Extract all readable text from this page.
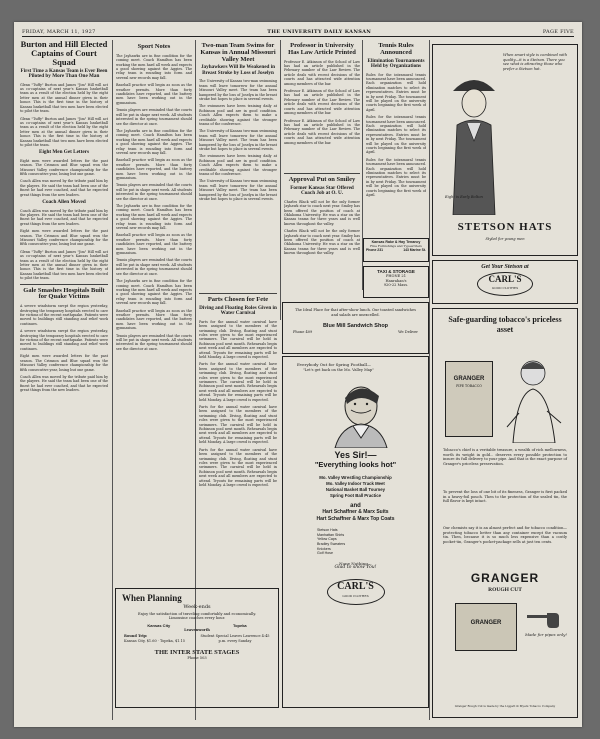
FRIDAY, MARCH 11, 1927	THE UNIVERSITY DAILY KANSAN	PAGE FIVE
Burton and Hill Elected Captains of Court Squad
First Time a Kansas Team is Ever Been Piloted by More Than One Man
Glenn "Tuffy" Burton and James "Jim" Hill will act as co-captains of next year's Kansas basketball team as a result of the election held by the eight letter men at the annual dinner given in their honor. This is the first time in the history of Kansas basketball that two men have been elected to pilot the team.
Glenn "Tuffy" Burton and James "Jim" Hill will act as co-captains of next year's Kansas basketball team as a result of the election held by the eight letter men at the annual dinner given in their honor. This is the first time in the history of Kansas basketball that two men have been elected to pilot the team.
Eight Men Get Letters
Eight men were awarded letters for the past season. The Crimson and Blue squad won the Missouri Valley conference championship for the fifth consecutive year, losing but one game.
Coach Allen was moved by the tribute paid him by the players. He said the team had been one of the finest he had ever coached, and that he expected great things from the new leaders.
Coach Allen Moved
Coach Allen was moved by the tribute paid him by the players. He said the team had been one of the finest he had ever coached, and that he expected great things from the new leaders.
Eight men were awarded letters for the past season. The Crimson and Blue squad won the Missouri Valley conference championship for the fifth consecutive year, losing but one game.
Glenn "Tuffy" Burton and James "Jim" Hill will act as co-captains of next year's Kansas basketball team as a result of the election held by the eight letter men at the annual dinner given in their honor. This is the first time in the history of Kansas basketball that two men have been elected to pilot the team.
Gale Smashes Hospitals Built for Quake Victims
A severe windstorm swept the region yesterday, destroying the temporary hospitals erected to care for victims of the recent earthquake. Patients were moved to buildings still standing and relief work continues.
A severe windstorm swept the region yesterday, destroying the temporary hospitals erected to care for victims of the recent earthquake. Patients were moved to buildings still standing and relief work continues.
Eight men were awarded letters for the past season. The Crimson and Blue squad won the Missouri Valley conference championship for the fifth consecutive year, losing but one game.
Coach Allen was moved by the tribute paid him by the players. He said the team had been one of the finest he had ever coached, and that he expected great things from the new leaders.
Sport Notes
The Jayhawks are in fine condition for the coming meet. Coach Hamilton has been working the men hard all week and expects a good showing against the Aggies. The relay team is rounding into form and several new records may fall.
Baseball practice will begin as soon as the weather permits. More than forty candidates have reported, and the battery men have been working out in the gymnasium.
Tennis players are reminded that the courts will be put in shape next week. All students interested in the spring tournament should see the director at once.
The Jayhawks are in fine condition for the coming meet. Coach Hamilton has been working the men hard all week and expects a good showing against the Aggies. The relay team is rounding into form and several new records may fall.
Baseball practice will begin as soon as the weather permits. More than forty candidates have reported, and the battery men have been working out in the gymnasium.
Tennis players are reminded that the courts will be put in shape next week. All students interested in the spring tournament should see the director at once.
The Jayhawks are in fine condition for the coming meet. Coach Hamilton has been working the men hard all week and expects a good showing against the Aggies. The relay team is rounding into form and several new records may fall.
Baseball practice will begin as soon as the weather permits. More than forty candidates have reported, and the battery men have been working out in the gymnasium.
Tennis players are reminded that the courts will be put in shape next week. All students interested in the spring tournament should see the director at once.
The Jayhawks are in fine condition for the coming meet. Coach Hamilton has been working the men hard all week and expects a good showing against the Aggies. The relay team is rounding into form and several new records may fall.
Baseball practice will begin as soon as the weather permits. More than forty candidates have reported, and the battery men have been working out in the gymnasium.
Tennis players are reminded that the courts will be put in shape next week. All students interested in the spring tournament should see the director at once.
Two-man Team Swims for Kansas in Annual Missouri Valley Meet
Jayhawkers Will Be Weakened in Breast Stroke by Loss of Joselyn
The University of Kansas two-man swimming team will leave tomorrow for the annual Missouri Valley meet. The team has been hampered by the loss of Joselyn in the breast stroke but hopes to place in several events.
The swimmers have been training daily at Robinson pool and are in good condition. Coach Allen expects them to make a creditable showing against the stronger teams of the conference.
The University of Kansas two-man swimming team will leave tomorrow for the annual Missouri Valley meet. The team has been hampered by the loss of Joselyn in the breast stroke but hopes to place in several events.
The swimmers have been training daily at Robinson pool and are in good condition. Coach Allen expects them to make a creditable showing against the stronger teams of the conference.
The University of Kansas two-man swimming team will leave tomorrow for the annual Missouri Valley meet. The team has been hampered by the loss of Joselyn in the breast stroke but hopes to place in several events.
Parts Chosen for Fete
Diving and Floating Roles Given in Water Carnival
Parts for the annual water carnival have been assigned to the members of the swimming club. Diving, floating and stunt roles were given to the most experienced swimmers. The carnival will be held in Robinson pool next month. Rehearsals begin next week and all members are expected to attend. Tryouts for remaining parts will be held Monday. A large crowd is expected.
Parts for the annual water carnival have been assigned to the members of the swimming club. Diving, floating and stunt roles were given to the most experienced swimmers. The carnival will be held in Robinson pool next month. Rehearsals begin next week and all members are expected to attend. Tryouts for remaining parts will be held Monday. A large crowd is expected.
Parts for the annual water carnival have been assigned to the members of the swimming club. Diving, floating and stunt roles were given to the most experienced swimmers. The carnival will be held in Robinson pool next month. Rehearsals begin next week and all members are expected to attend. Tryouts for remaining parts will be held Monday. A large crowd is expected.
Parts for the annual water carnival have been assigned to the members of the swimming club. Diving, floating and stunt roles were given to the most experienced swimmers. The carnival will be held in Robinson pool next month. Rehearsals begin next week and all members are expected to attend. Tryouts for remaining parts will be held Monday. A large crowd is expected.
Professor in University Has Law Article Printed
Professor E. Atkinson of the School of Law has had an article published in the February number of the Law Review. The article deals with recent decisions of the courts and has attracted wide attention among members of the bar.
Professor E. Atkinson of the School of Law has had an article published in the February number of the Law Review. The article deals with recent decisions of the courts and has attracted wide attention among members of the bar.
Professor E. Atkinson of the School of Law has had an article published in the February number of the Law Review. The article deals with recent decisions of the courts and has attracted wide attention among members of the bar.
Approval Put on Smiley
Former Kansas Star Offered Coach Job at O. U.
Charles Black will not be the only former Jayhawk star to coach next year. Smiley has been offered the position of coach at Oklahoma University. He was a star on the Kansas teams for three years and is well known throughout the valley.
Charles Black will not be the only former Jayhawk star to coach next year. Smiley has been offered the position of coach at Oklahoma University. He was a star on the Kansas teams for three years and is well known throughout the valley.
Tennis Rules Announced
Elimination Tournaments Held by Organizations
Rules for the intramural tennis tournament have been announced. Each organization will hold elimination matches to select its representatives. Entries must be in by next Friday. The tournament will be played on the university courts beginning the first week of April.
Rules for the intramural tennis tournament have been announced. Each organization will hold elimination matches to select its representatives. Entries must be in by next Friday. The tournament will be played on the university courts beginning the first week of April.
Rules for the intramural tennis tournament have been announced. Each organization will hold elimination matches to select its representatives. Entries must be in by next Friday. The tournament will be played on the university courts beginning the first week of April.
Kansas Rake & Hay Tenancy
Fine Furnishings and Typewriters
Phone 231	143 Marine St.
TAXI & STORAGE
PHONE 21
Hanrahan's
920-22 Mass.
The Ideal Place for that after-show lunch. Our toasted sandwiches and salads are unexcelled.
Blue Mill Sandwich Shop
Phone 409	We Deliver
Everybody Out for Spring Football—
"Let's get back on the Mo. Valley Map"
Yes Sir!—
"Everything looks hot"
Mo. Valley Wrestling Championship
Mo. Valley Indoor Track Meet
National Basket Ball Tourney
Spring Foot Ball Practice
and
Hart Schaffner & Marx Suits
Hart Schaffner & Marx Top Coats
Stetson Hats
Manhattan Shirts
Yellow Caps
Bradley Sweaters
Knickers
Golf Hose
None Nothing—
Glad to show You!
CARL'S
GOOD CLOTHES
When Planning
Week-ends
Enjoy the satisfaction of traveling comfortably and economically. Limousine coaches every hour.
Kansas City	Topeka
Leavenworth
Round Trip:
Kansas City, $1.60 · Topeka, $1.15
Student Special Leaves Lawrence 4:45 p.m. every Sunday
THE INTER STATE STAGES
Phone 503
When smart style is combined with quality—it is a Stetson. There you see what is attracting those who prefer a Stetson hat.
Eight is Early Bolton
STETSON HATS
Styled for young men
Get Your Stetson at
CARL'S
GOOD CLOTHES
Safe-guarding tobacco's priceless asset
GRANGER
PIPE TOBACCO
Tobacco's chief is a veritable treasure, a wealth of rich mellowness, worth its weight in gold... deserves every possible protection to insure its full delivery to your pipe. And that is the exact purpose of Granger's priceless preservation.
To prevent the loss of one bit of its fineness, Granger is first packed in a heavy-foil pouch. Then to the protection of the sealed tin, the full flavor is kept intact.
Our chemists say it is an almost perfect and for tobacco condition—protecting tobacco better than any container except the vacuum tin. Then, because it is so much less expensive than a costly pocket-tin, Granger's pocket-package sells at just ten cents.
GRANGER
ROUGH CUT
GRANGER
Made for pipes only!
Granger Rough Cut is made by the Liggett & Myers Tobacco Company
